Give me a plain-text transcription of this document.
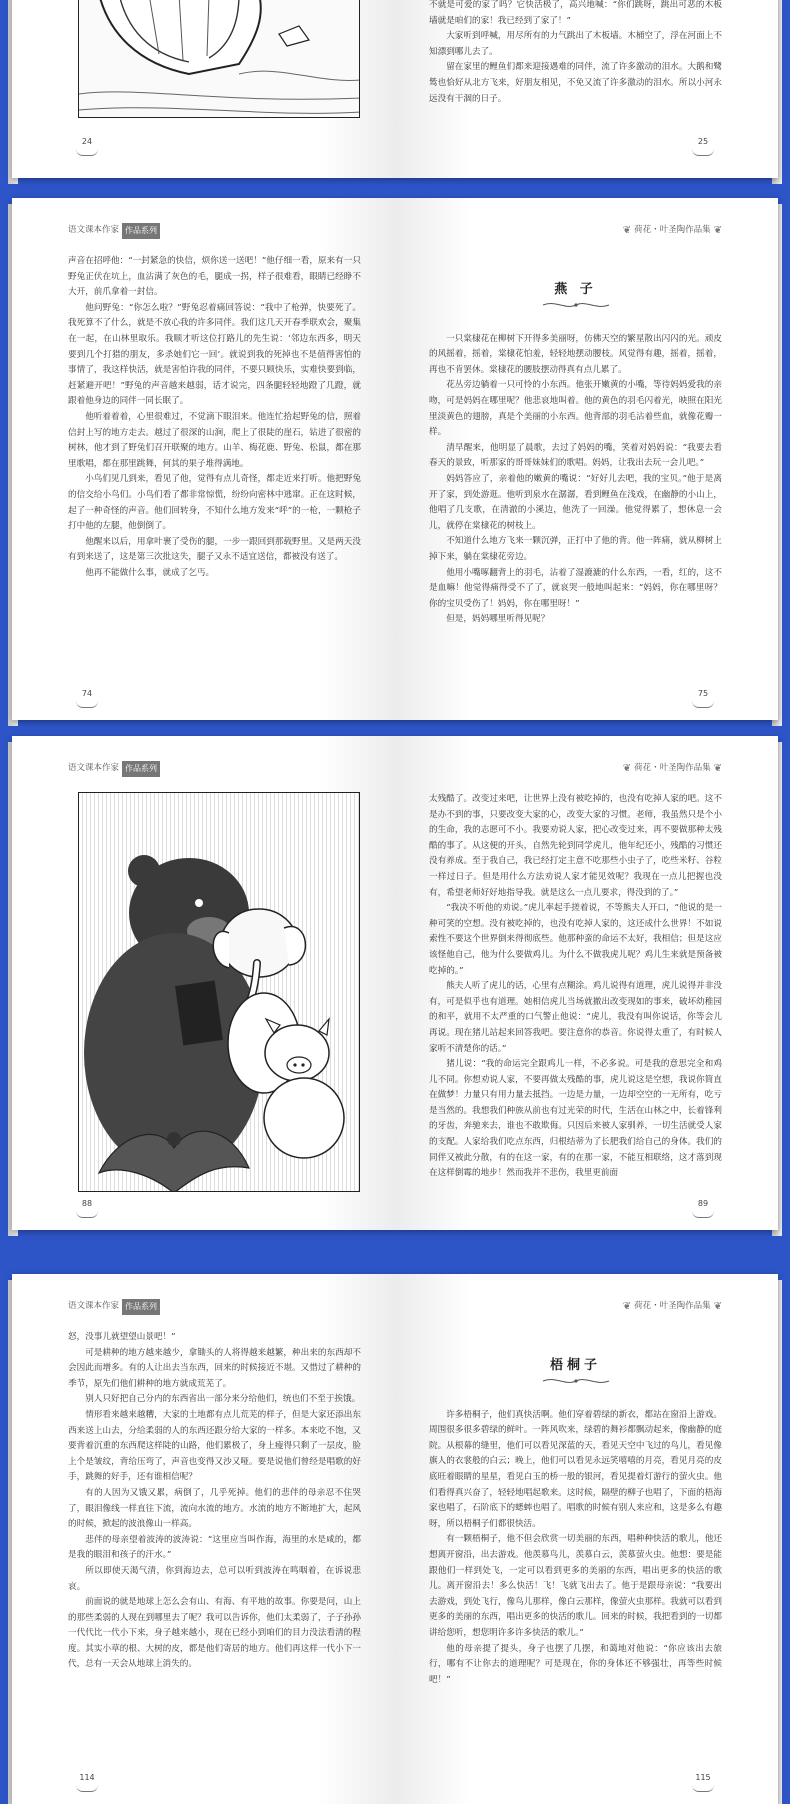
24

不就是可爱的家了吗？它快活极了，高兴地喊：“你们跳呀，跳出可恶的木板墙就是咱们的家！我已经到了家了！”

大家听到呼喊，用尽所有的力气跳出了木板墙。木桶空了，浮在河面上不知漂到哪儿去了。

留在家里的鲤鱼们都来迎接遇难的同伴，流了许多激动的泪水。大鹅和鹭鸶也恰好从北方飞来，好朋友相见，不免又流了许多激动的泪水。所以小河永远没有干涸的日子。

25
语文课本作家 作品系列

声音在招呼他：“一封紧急的快信，烦你送一送吧！”他仔细一看，原来有一只野兔正伏在坑上，血沾满了灰色的毛，腿成一拐，样子很难看，眼睛已经睁不大开，前爪拿着一封信。

他问野兔：“你怎么啦？”野兔忍着痛回答说：“我中了枪弹，快要死了。我死算不了什么，就是不放心我的许多同伴。我们这几天开春季联欢会，聚集在一起，在山林里取乐。我顺才听这位打路儿的先生说：‘邻边东西多，明天要到几个打猎的朋友，多杀她们它一回’。就说到我的死掉也不是值得害怕的事情了，我这样快活，就是害怕许我的同伴，不要只顾快乐，实难快要到临，赶紧避开吧！”野兔的声音越来越弱，话才说完，四条腿轻轻地蹬了几蹬，就跟着他身边的同伴一同长眠了。

他听着着着，心里很难过，不觉滴下眼泪来。他连忙拾起野兔的信，照着信封上写的地方走去。越过了很深的山涧，爬上了很陡的崖石，钻进了很密的树林，他才到了野兔们召开联聚的地方。山羊、梅花鹿、野兔、松鼠，都在那里歌唱，都在那里跳舞，何其的果子堆得满地。

小鸟们见几到来，看见了他，觉得有点儿奇怪，都走近来打听。他把野兔的信交给小鸟们。小鸟们看了都非常惊慌，纷纷向密林中逃窜。正在这时候，起了一种奇怪的声音。他们回转身，不知什么地方发来“呼”的一枪，一颗枪子打中他的左腿，他倒倒了。

他醒来以后，用拿叶裹了受伤的腿，一步一跟回到那载野里。又是两天没有到来送了，这是第三次批这失，腿子又永不适宜送信，都被没有送了。

他再不能做什么事，就成了乞丐。

74
❦ 荷花・叶圣陶作品集 ❦
燕 子

一只棠棣花在柳树下开得多美丽呀，仿佛天空的繁星散出闪闪的光。顽皮的风摇着，摇着，棠棣花怕羞，轻轻地摆动腰枝。风觉得有趣，摇着，摇着，再也不肯罢休。棠棣花的腰肢摆动得真有点儿累了。

花丛旁边躺着一只可怜的小东西。他张开嫩黄的小嘴，等待妈妈爱我的亲吻，可是妈妈在哪里呢？他悲哀地叫着。他的黄色的羽毛闪着光，映照在阳光里淡黄色的翅膀，真是个美丽的小东西。他背部的羽毛沾着些血，就像花瓣一样。

清早醒来，他明显了晨歌，去过了妈妈的嘴，笑着对妈妈说：“我要去看春天的景致，听那家的哥哥妹妹们的歌唱。妈妈，让我出去玩一会儿吧。”

妈妈答应了，亲着他的嫩黄的嘴说：“好好儿去吧，我的宝贝。”他于是离开了家，到处游逛。他听到泉水在潺潺，看到鲤鱼在浅戏，在幽静的小山上，他唱了几支歌，在清澈的小溪边，他洗了一回澡。他觉得累了，想休息一会儿，就停在棠棣花的树枝上。

不知道什么地方飞来一颗沉弹，正打中了他的背。他一阵痛，就从柳树上掉下来，躺在棠棣花旁边。

他用小嘴啄翻背上的羽毛，沾着了湿漉漉的什么东西，一看，红的，这不是血嘛！他觉得痛得受不了了，就哀哭一般地叫起来：“妈妈，你在哪里呀？你的宝贝受伤了！妈妈，你在哪里呀！”

但是，妈妈哪里听得见呢？

75
语文课本作家 作品系列
88
❦ 荷花・叶圣陶作品集 ❦

太残酷了。改变过来吧，让世界上没有被吃掉的，也没有吃掉人家的吧。这不是办不到的事，只要改变大家的心，改变大家的习惯。老师，我虽然只是个小的生命，我的志愿可不小。我要劝说人家，把心改变过来，再不要做那种太残酷的事了。从这便的开头，自然先轮到同学虎儿，他年纪还小，残酷的习惯还没有养成。至于我自己，我已经打定主意不吃那些小虫子了，吃些米籽、谷粒一样过日子。但是用什么方法劝说人家才能见效呢？我现在一点儿把握也没有，希望老师好好地指导我。就是这么一点儿要求，得没到的了。”

“我决不听他的劝说。”虎儿率起手搓着说，不等熊夫人开口，“他说的是一种可笑的空想。没有被吃掉的，也没有吃掉人家的，这还成什么世界！不如说索性不要这个世界倒来得彻底些。他那种蛮的命运不太好，我相信；但是这应该怪他自己，他为什么要做鸡儿。为什么不做我虎儿呢？鸡儿生来就是预备被吃掉的。”

熊夫人听了虎儿的话，心里有点糊涂。鸡儿说得有道理，虎儿说得并非没有，可是似乎也有道理。她相信虎儿当场就撤出改变现如的事来，破坏幼稚园的和平，就用不太严重的口气警止他说：“虎儿，我没有叫你说话，你等会儿再说。现在猪儿站起来回答我吧。要注意你的恭音。你说得太重了，有时候人家听不清楚你的话。”

猪儿说：“我的命运完全跟鸡儿一样，不必多说。可是我的意思完全和鸡儿不同。你想劝说人家，不要再做太残酷的事，虎儿说这是空想，我说你简直在做梦！力量只有用力量去抵挡。一边是力量，一边却空空的一无所有，吃亏是当然的。我想我们种族从前也有过光荣的时代，生活在山林之中，长着锋利的牙齿，奔驰来去，谁也不敢欺侮。只因后来被人家驯养，一切生活就受人家的支配。人家给我们吃点东西，归根结蒂为了长肥我们给自己的身体。我们的同伴又被此分散，有的在这一家，有的在那一家，不能互相联络，这才落到现在这样倒霉的地步！然而我并不悲伤，我里更前面

89
语文课本作家 作品系列

怒，没事儿就望望山景吧！”

可是耕种的地方越来越少，拿锄头的人将得越来越繁，种出来的东西却不会因此而增多。有的人让出去当东西，回来的时候接近不堪。又惜过了耕种的季节，原先们他们耕种的地方就成荒芜了。

别人只好把自己分内的东西省出一部分来分给他们，统也们不至于挨饿。

情形看来越来越糟，大家的土地都有点儿荒芜的样子，但是大家还添出东西来送上山去，分给柔弱的人的东西还跟分给大家的一样多。本来吃不饱，又要背着沉重的东西爬这样陡的山路，他们累极了，身上瘦得只剩了一层皮，脸上个是皱纹，背给压弯了，声音也变得又沙又哑。要是说他们曾经是唱歌的好手，跳舞的好手，还有谁相信呢？

有的人因为又饿又累，病倒了，几乎死掉。他们的悲伴的母亲忍不住哭了，眼泪像线一样直往下流，流向水流的地方。水流的地方不断地扩大，起风的时候，掀起的波浪像山一样高。

悲伴的母亲望着波涛的波涛说：“这里应当叫作海，海里的水是咸的，都是我的眼泪和孩子的汗水。”

所以即使天渴气清，你到海边去，总可以听到波涛在鸣咽着，在诉说悲哀。

前面说的就是地球上怎么会有山、有海、有平地的故事。你要是问，山上的那些柔弱的人现在到哪里去了呢？我可以告诉你，他们太柔弱了，子子孙孙一代代比一代小下来，身子越来越小，现在已经小到咱们的目力没法看清的程度。其实小草的根、大树的皮，都是他们寄居的地方。他们再这样一代小下一代，总有一天会从地球上消失的。

114
❦ 荷花・叶圣陶作品集 ❦
梧桐子

许多梧桐子，他们真快活啊。他们穿着碧绿的新衣，都站在窗沿上游戏。周围很多很多碧绿的鲜叶。一阵风吹来，绿碧的舞衫都飘动起来，像幽静的庭院。从根幕的缝里，他们可以看见深蓝的天，看见天空中飞过的鸟儿，看见像旗人的衣裳般的白云；晚上，他们可以看见永远笑嘻嘻的月亮，看见月亮的皮底旺着眼睛的星星，看见白玉的桥一般的银河，看见提着灯游行的萤火虫。他们看得真兴奋了，轻轻地唱起歌来。这时候，隔壁的柳子也唱了，下面的梧海家也唱了，石阶底下的蟋蟀也唱了。唱歌的时候有别人来应和，这是多么有趣呀，所以梧桐子们都很快活。

有一颗梧桐子，他不但会欣赏一切美丽的东西，唱种种快活的歌儿，他还想离开窗沿，出去游戏。他羡慕鸟儿，羡慕白云，羡慕萤火虫。他想：要是能跟他们一样到处飞，一定可以看到更多的美丽的东西，唱出更多的快活的歌儿。离开窗沿去！多么快活！飞！飞就飞出去了。他于是跟母亲说：“我要出去游戏，到处飞行，像鸟儿那样，像白云那样，像萤火虫那样。我就可以看到更多的美丽的东西，唱出更多的快活的歌儿。回来的时候，我把看到的一切都讲给您听，想您明许多许多快活的歌儿。”

他的母亲提了提头，身子也摆了几摆，和蔼地对他说：“你应该出去旅行，哪有不让你去的道理呢？可是现在，你的身体还不够强壮，再等些时候吧！”

115
